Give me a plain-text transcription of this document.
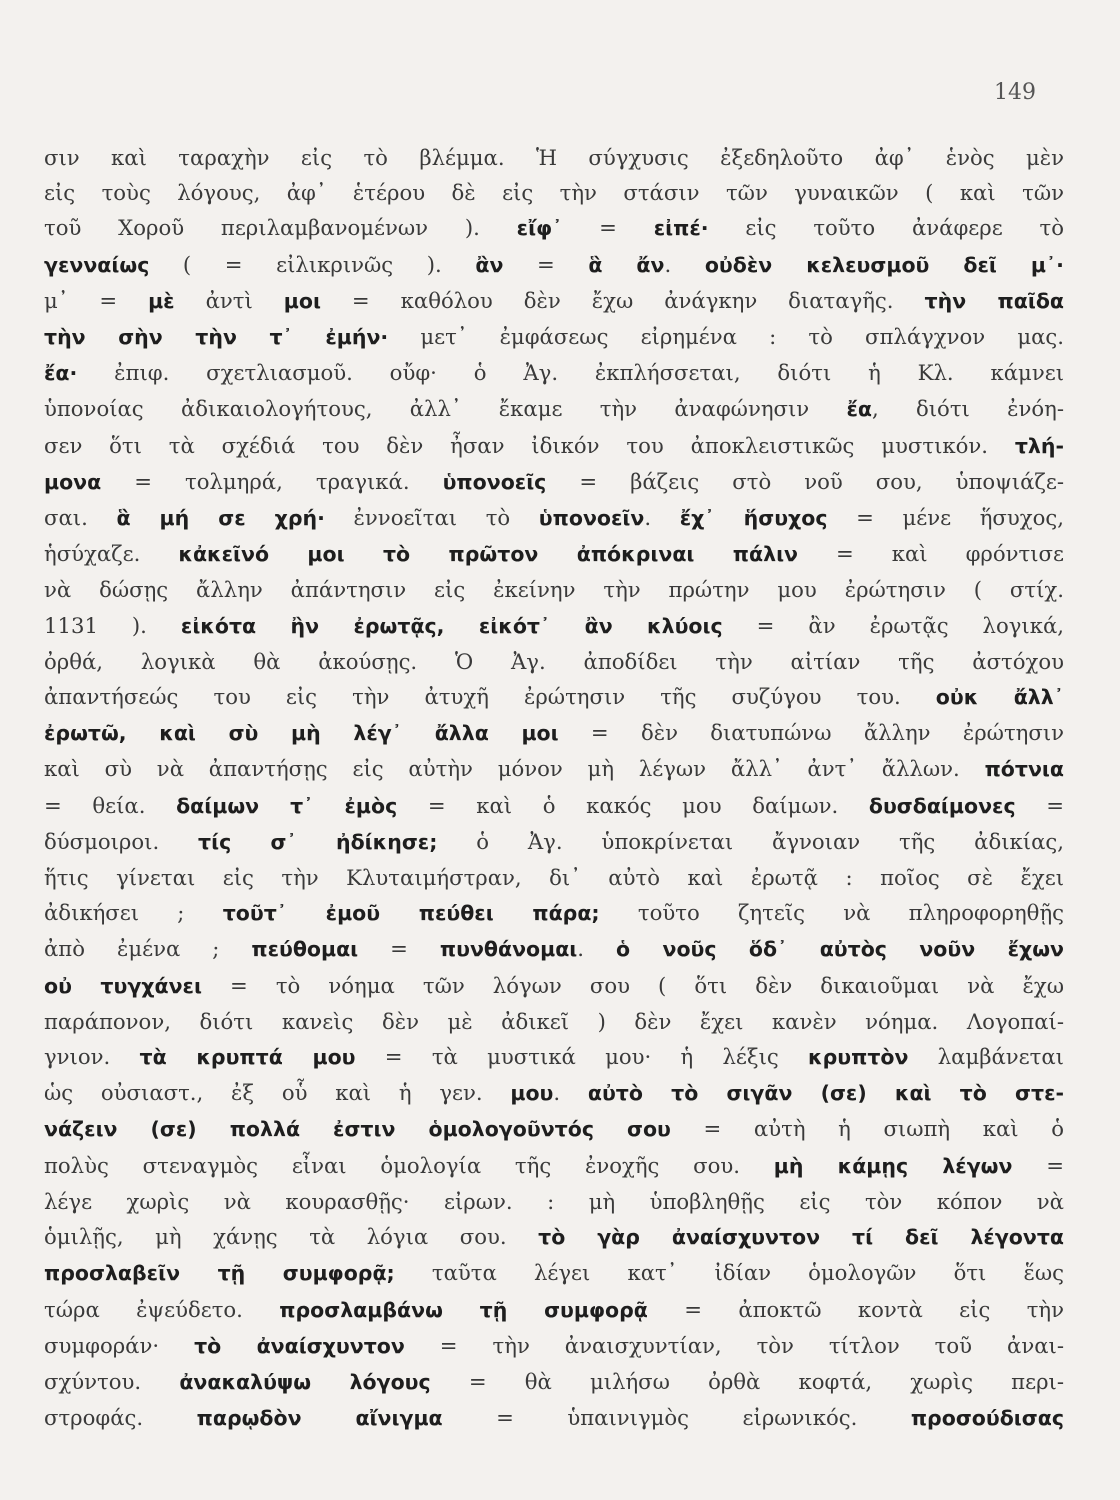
149
σιν καὶ ταραχὴν εἰς τὸ βλέμμα. Ἡ σύγχυσις ἐξεδηλοῦτο ἀφ᾽ ἑνὸς μὲν
εἰς τοὺς λόγους, ἀφ᾽ ἑτέρου δὲ εἰς τὴν στάσιν τῶν γυναικῶν ( καὶ τῶν
τοῦ Χοροῦ περιλαμβανομένων ). εἴφ᾽ = εἰπέ· εἰς τοῦτο ἀνάφερε τὸ
γενναίως ( = εἰλικρινῶς ). ἂν = ἃ ἄν. οὐδὲν κελευσμοῦ δεῖ μ᾽·
μ᾽ = μὲ ἀντὶ μοι = καθόλου δὲν ἔχω ἀνάγκην διαταγῆς. τὴν παῖδα
τὴν σὴν τὴν τ᾽ ἐμήν· μετ᾽ ἐμφάσεως εἰρημένα : τὸ σπλάγχνον μας.
ἔα· ἐπιφ. σχετλιασμοῦ. οὔφ· ὁ Ἀγ. ἐκπλήσσεται, διότι ἡ Κλ. κάμνει
ὑπονοίας ἀδικαιολογήτους, ἀλλ᾽ ἔκαμε τὴν ἀναφώνησιν ἔα, διότι ἐνόη-
σεν ὅτι τὰ σχέδιά του δὲν ἦσαν ἰδικόν του ἀποκλειστικῶς μυστικόν. τλή-
μονα = τολμηρά, τραγικά. ὑπονοεῖς = βάζεις στὸ νοῦ σου, ὑποψιάζε-
σαι. ἃ μή σε χρή· ἐννοεῖται τὸ ὑπονοεῖν. ἔχ᾽ ἥσυχος = μένε ἥσυχος,
ἡσύχαζε. κἀκεῖνό μοι τὸ πρῶτον ἀπόκριναι πάλιν = καὶ φρόντισε
νὰ δώσῃς ἄλλην ἀπάντησιν εἰς ἐκείνην τὴν πρώτην μου ἐρώτησιν ( στίχ.
1131 ). εἰκότα ἢν ἐρωτᾷς, εἰκότ᾽ ἂν κλύοις = ἂν ἐρωτᾷς λογικά,
ὀρθά, λογικὰ θὰ ἀκούσῃς. Ὁ Ἀγ. ἀποδίδει τὴν αἰτίαν τῆς ἀστόχου
ἀπαντήσεώς του εἰς τὴν ἀτυχῆ ἐρώτησιν τῆς συζύγου του. οὐκ ἄλλ᾽
ἐρωτῶ, καὶ σὺ μὴ λέγ᾽ ἄλλα μοι = δὲν διατυπώνω ἄλλην ἐρώτησιν
καὶ σὺ νὰ ἀπαντήσῃς εἰς αὐτὴν μόνον μὴ λέγων ἄλλ᾽ ἀντ᾽ ἄλλων. πότνια
= θεία. δαίμων τ᾽ ἐμὸς = καὶ ὁ κακός μου δαίμων. δυσδαίμονες =
δύσμοιροι. τίς σ᾽ ἠδίκησε; ὁ Ἀγ. ὑποκρίνεται ἄγνοιαν τῆς ἀδικίας,
ἥτις γίνεται εἰς τὴν Κλυταιμήστραν, δι᾽ αὐτὸ καὶ ἐρωτᾷ : ποῖος σὲ ἔχει
ἀδικήσει ; τοῦτ᾽ ἐμοῦ πεύθει πάρα; τοῦτο ζητεῖς νὰ πληροφορηθῇς
ἀπὸ ἐμένα ; πεύθομαι = πυνθάνομαι. ὁ νοῦς ὅδ᾽ αὐτὸς νοῦν ἔχων
οὐ τυγχάνει = τὸ νόημα τῶν λόγων σου ( ὅτι δὲν δικαιοῦμαι νὰ ἔχω
παράπονον, διότι κανεὶς δὲν μὲ ἀδικεῖ ) δὲν ἔχει κανὲν νόημα. Λογοπαί-
γνιον. τὰ κρυπτά μου = τὰ μυστικά μου· ἡ λέξις κρυπτὸν λαμβάνεται
ὡς οὐσιαστ., ἐξ οὗ καὶ ἡ γεν. μου. αὐτὸ τὸ σιγᾶν (σε) καὶ τὸ στε-
νάζειν (σε) πολλά ἐστιν ὁμολογοῦντός σου = αὐτὴ ἡ σιωπὴ καὶ ὁ
πολὺς στεναγμὸς εἶναι ὁμολογία τῆς ἐνοχῆς σου. μὴ κάμῃς λέγων =
λέγε χωρὶς νὰ κουρασθῇς· εἰρων. : μὴ ὑποβληθῇς εἰς τὸν κόπον νὰ
ὁμιλῇς, μὴ χάνῃς τὰ λόγια σου. τὸ γὰρ ἀναίσχυντον τί δεῖ λέγοντα
προσλαβεῖν τῇ συμφορᾷ; ταῦτα λέγει κατ᾽ ἰδίαν ὁμολογῶν ὅτι ἕως
τώρα ἐψεύδετο. προσλαμβάνω τῇ συμφορᾷ = ἀποκτῶ κοντὰ εἰς τὴν
συμφοράν· τὸ ἀναίσχυντον = τὴν ἀναισχυντίαν, τὸν τίτλον τοῦ ἀναι-
σχύντου. ἀνακαλύψω λόγους = θὰ μιλήσω ὀρθὰ κοφτά, χωρὶς περι-
στροφάς. παρῳδὸν αἴνιγμα = ὑπαινιγμὸς εἰρωνικός. προσούδισας
